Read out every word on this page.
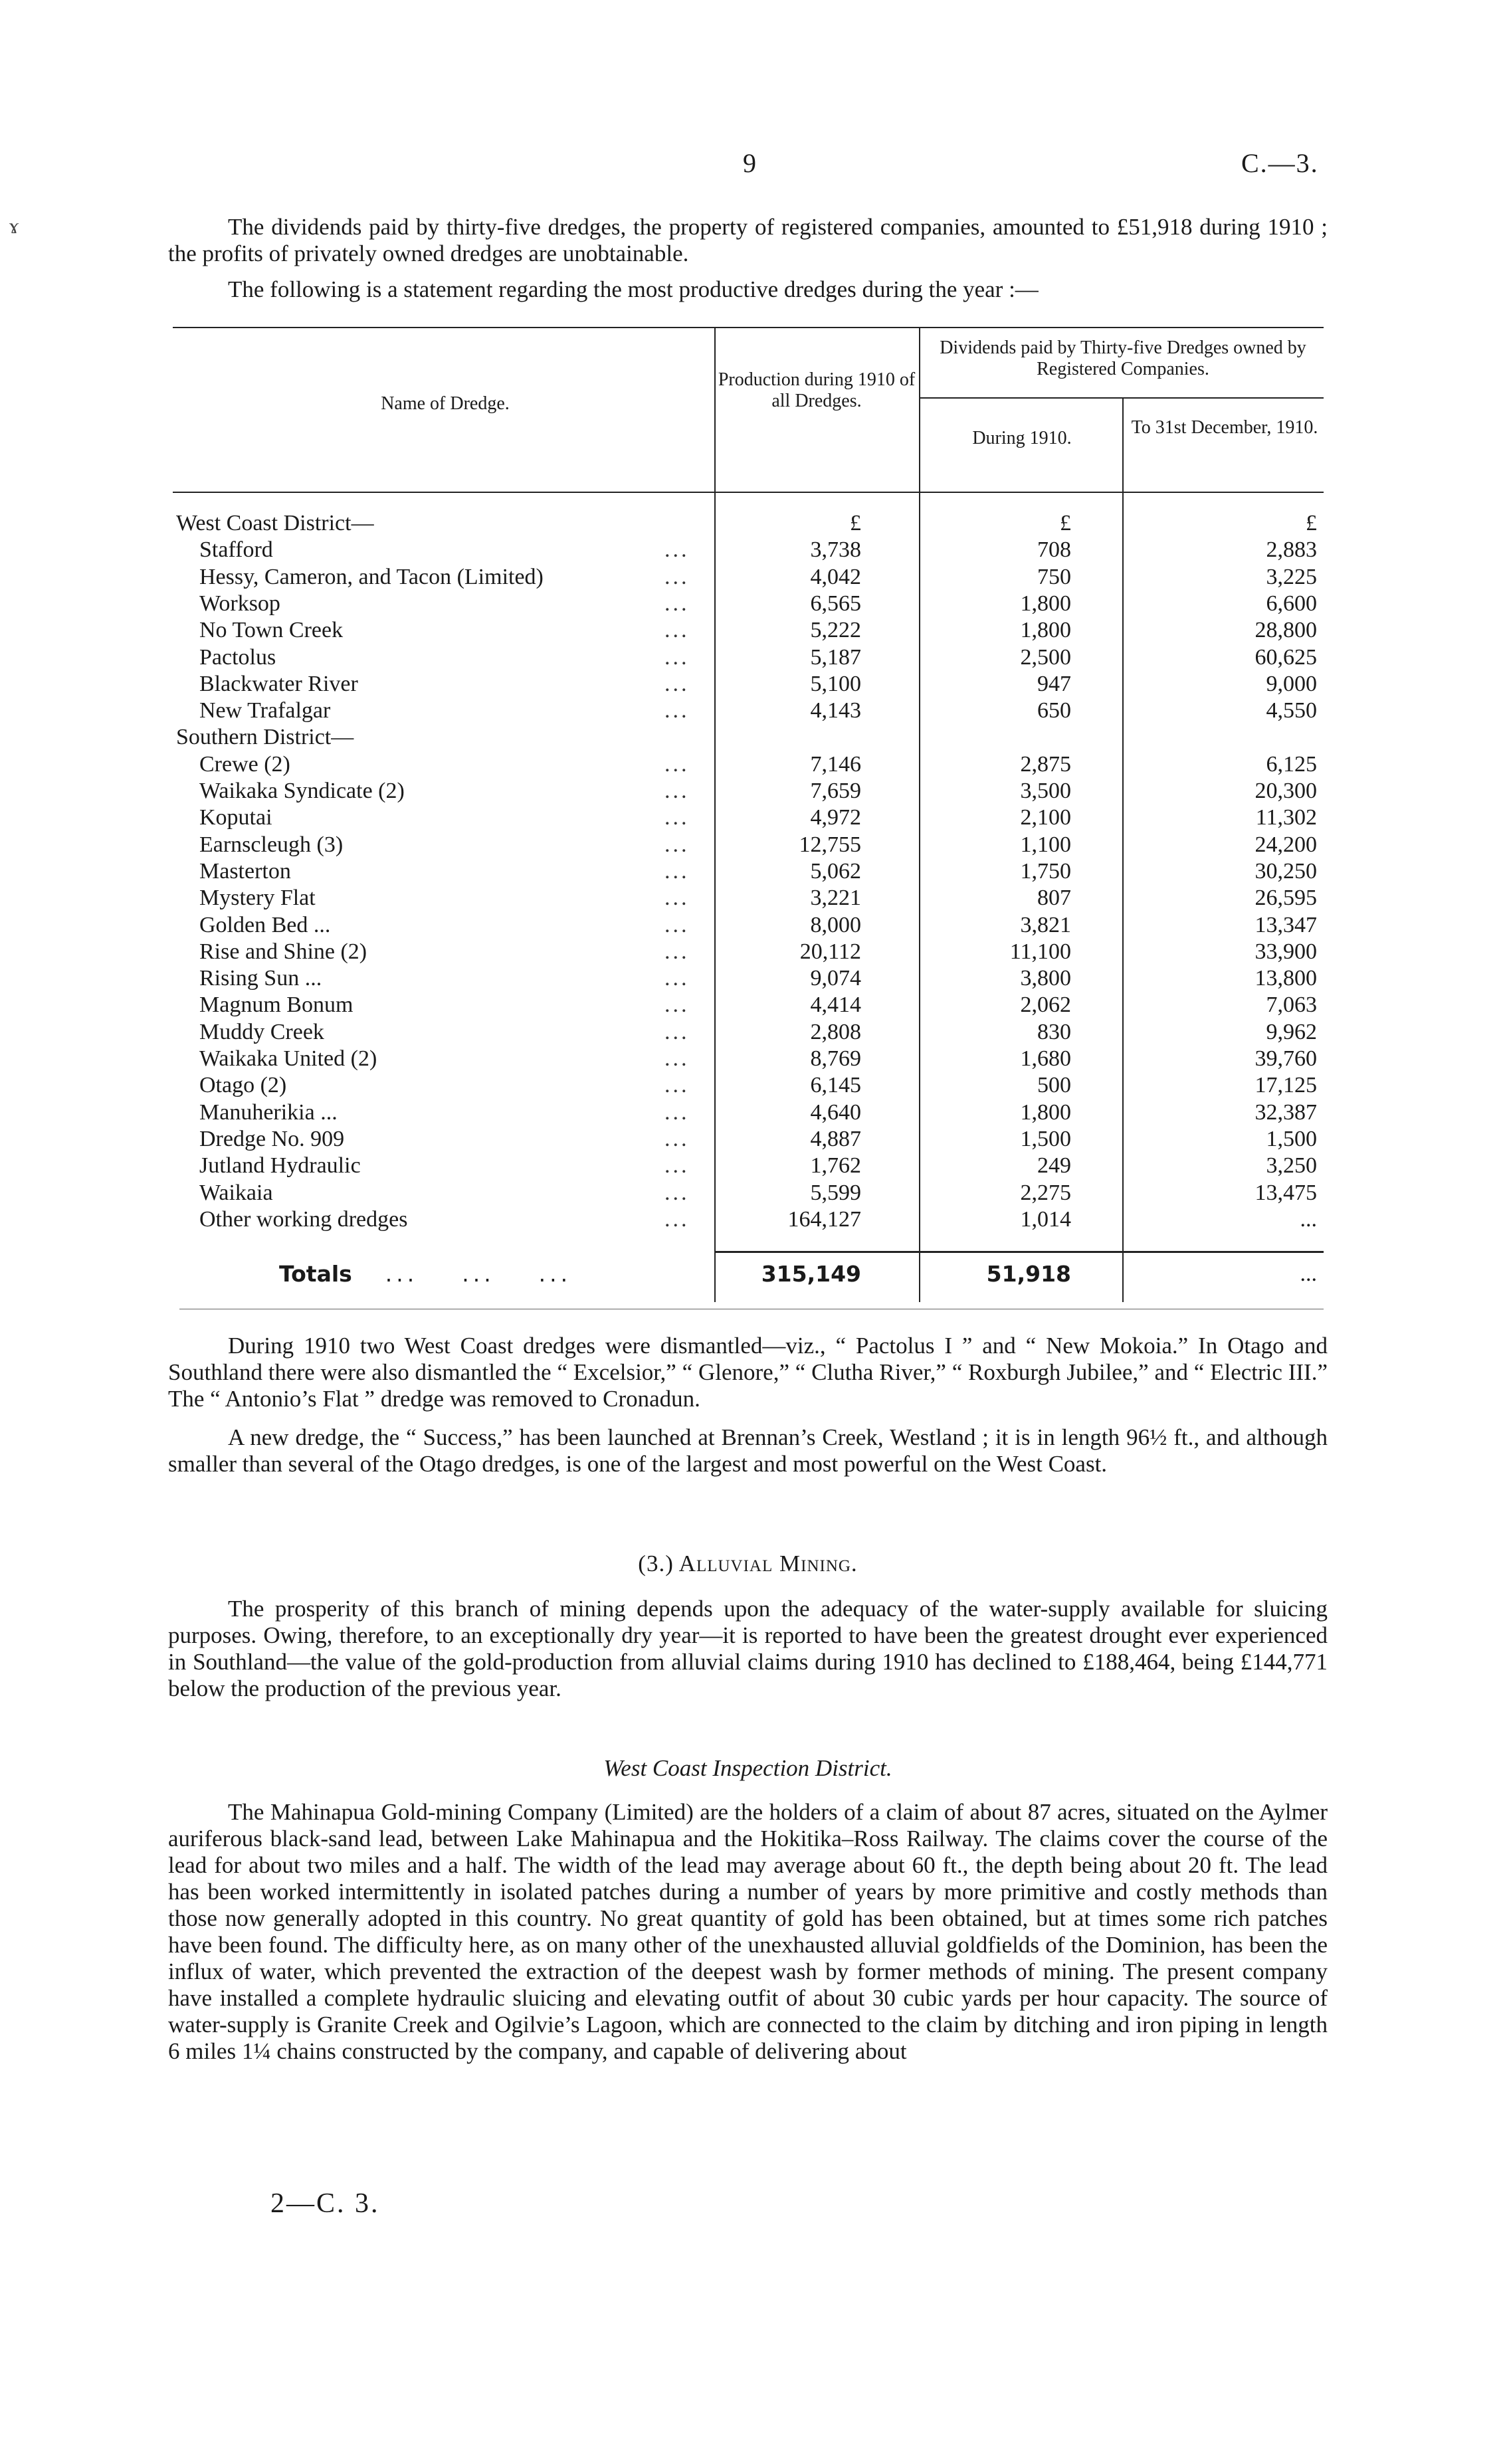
9	C.—3.
ɤ	The dividends paid by thirty-five dredges, the property of registered companies, amounted to £51,918 during 1910 ; the profits of privately owned dredges are unobtainable.

The following is a statement regarding the most productive dredges during the year :—

Name of Dredge.
Production during 1910 of all Dredges.
Dividends paid by Thirty-five Dredges owned by Registered Companies.
During 1910.
To 31st December, 1910.
£	£	£
West Coast District—
Stafford	...	3,738	708	2,883
Hessy, Cameron, and Tacon (Limited)	...	4,042	750	3,225
Worksop	...	6,565	1,800	6,600
No Town Creek	...	5,222	1,800	28,800
Pactolus	...	5,187	2,500	60,625
Blackwater River	...	5,100	947	9,000
New Trafalgar	...	4,143	650	4,550
Southern District—
Crewe (2)	...	7,146	2,875	6,125
Waikaka Syndicate (2)	...	7,659	3,500	20,300
Koputai	...	4,972	2,100	11,302
Earnscleugh (3)	...	12,755	1,100	24,200
Masterton	...	5,062	1,750	30,250
Mystery Flat	...	3,221	807	26,595
Golden Bed ...	...	8,000	3,821	13,347
Rise and Shine (2)	...	20,112	11,100	33,900
Rising Sun ...	...	9,074	3,800	13,800
Magnum Bonum	...	4,414	2,062	7,063
Muddy Creek	...	2,808	830	9,962
Waikaka United (2)	...	8,769	1,680	39,760
Otago (2)	...	6,145	500	17,125
Manuherikia ...	...	4,640	1,800	32,387
Dredge No. 909	...	4,887	1,500	1,500
Jutland Hydraulic	...	1,762	249	3,250
Waikaia	...	5,599	2,275	13,475
Other working dredges	...	164,127	1,014	...
Totals ...    ...    ...	315,149	51,918	...

During 1910 two West Coast dredges were dismantled—viz., “ Pactolus I ” and “ New Mokoia.” In Otago and Southland there were also dismantled the “ Excelsior,” “ Glenore,” “ Clutha River,” “ Roxburgh Jubilee,” and “ Electric III.” The “ Antonio’s Flat ” dredge was removed to Cronadun.

A new dredge, the “ Success,” has been launched at Brennan’s Creek, Westland ; it is in length 96½ ft., and although smaller than several of the Otago dredges, is one of the largest and most powerful on the West Coast.

(3.) Alluvial Mining.

The prosperity of this branch of mining depends upon the adequacy of the water-supply available for sluicing purposes. Owing, therefore, to an exceptionally dry year—it is reported to have been the greatest drought ever experienced in Southland—the value of the gold-production from alluvial claims during 1910 has declined to £188,464, being £144,771 below the production of the previous year.

West Coast Inspection District.

The Mahinapua Gold-mining Company (Limited) are the holders of a claim of about 87 acres, situated on the Aylmer auriferous black-sand lead, between Lake Mahinapua and the Hokitika–Ross Railway. The claims cover the course of the lead for about two miles and a half. The width of the lead may average about 60 ft., the depth being about 20 ft. The lead has been worked intermittently in isolated patches during a number of years by more primitive and costly methods than those now generally adopted in this country. No great quantity of gold has been obtained, but at times some rich patches have been found. The difficulty here, as on many other of the unexhausted alluvial goldfields of the Dominion, has been the influx of water, which prevented the extraction of the deepest wash by former methods of mining. The present company have installed a complete hydraulic sluicing and elevating outfit of about 30 cubic yards per hour capacity. The source of water-supply is Granite Creek and Ogilvie’s Lagoon, which are connected to the claim by ditching and iron piping in length 6 miles 1¼ chains constructed by the company, and capable of delivering about

2—C. 3.
